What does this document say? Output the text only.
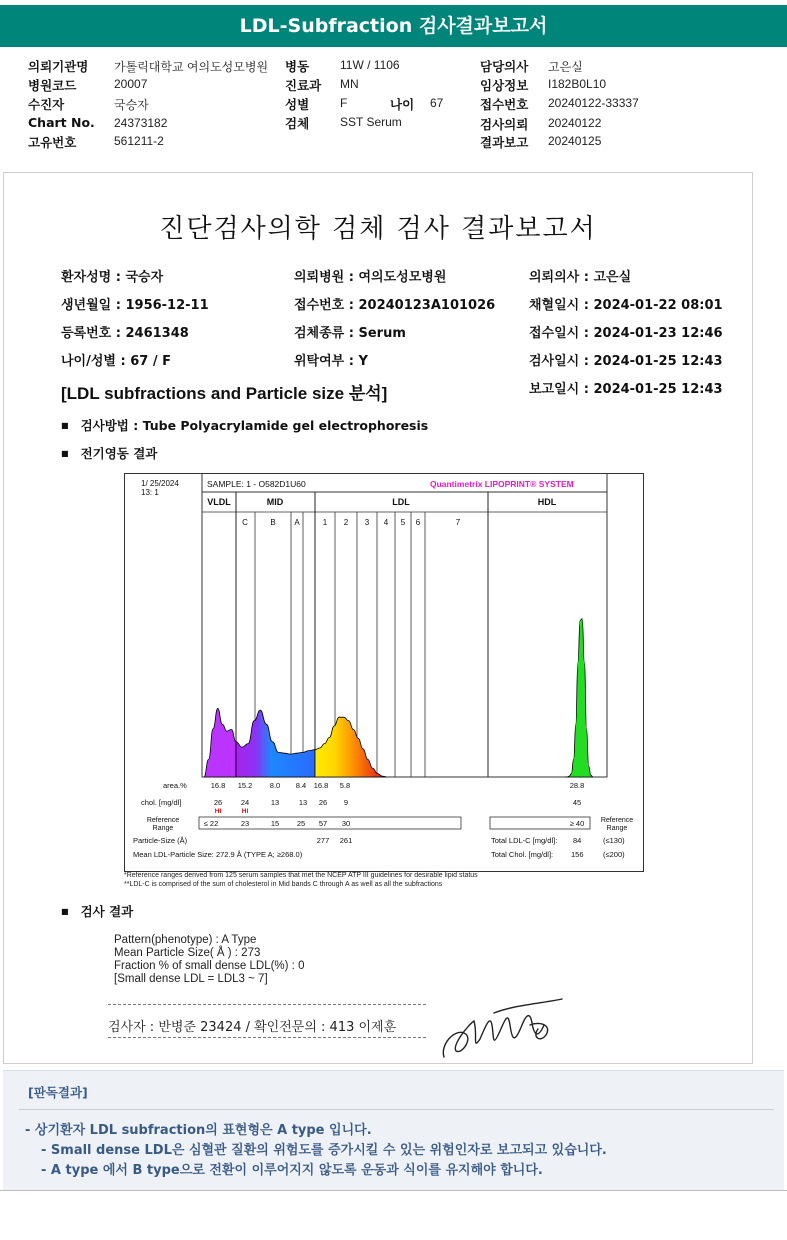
LDL-Subfraction 검사결과보고서
의뢰기관명 가톨릭대학교 여의도성모병원 병동	11W / 1106	담당의사 고은실
병원코드	20007	진료과 MN	임상정보 I182B0L10
수진자	국승자	성별	F	나이 67	접수번호 20240122-33337
Chart No. 24373182	검체	SST Serum	검사의뢰 20240122
고유번호	561211-2	결과보고 20240125
진단검사의학 검체 검사 결과보고서
환자성명 : 국승자	의뢰병원 : 여의도성모병원	의뢰의사 : 고은실
생년월일 : 1956-12-11	접수번호 : 20240123A101026	채혈일시 : 2024-01-22 08:01
등록번호 : 2461348	검체종류 : Serum	접수일시 : 2024-01-23 12:46
나이/성별 : 67 / F	위탁여부 : Y	검사일시 : 2024-01-25 12:43
[LDL subfractions and Particle size 분석]	보고일시 : 2024-01-25 12:43
■ 검사방법 : Tube Polyacrylamide gel electrophoresis
■ 전기영동 결과
1/ 25/2024
13: 1
SAMPLE: 1 - O582D1U60	Quantimetrix LIPOPRINT® SYSTEM
VLDL	MID	LDL	HDL
C	B A	1 2 3 4 5 6	7
area.%	16.8 15.2 8.0 8.4 16.8 5.8	28.8
chol. [mg/dl]	26 24	13	13 26 9	45
HI	HI
Reference
Range
≤ 22	23	15 25 57 30	≥ 40 Reference
Range
Particle-Size (Å)	277 261
Mean LDL-Particle Size: 272.9 Å (TYPE A; ≥268.0)
Total LDL-C [mg/dl]: 84	(≤130)
Total Chol. [mg/dl]: 156	(≤200)
*Reference ranges derived from 125 serum samples that met the NCEP ATP III guidelines for desirable lipid status
**LDL-C is comprised of the sum of cholesterol in Mid bands C through A as well as all the subfractions
■ 검사 결과
Pattern(phenotype) : A Type
Mean Particle Size( Å ) : 273
Fraction % of small dense LDL(%) : 0
[Small dense LDL = LDL3 ~ 7]
검사자 : 반병준 23424 / 확인전문의 : 413 이제훈
[판독결과]
- 상기환자 LDL subfraction의 표현형은 A type 입니다.
- Small dense LDL은 심혈관 질환의 위험도를 증가시킬 수 있는 위험인자로 보고되고 있습니다.
- A type 에서 B type으로 전환이 이루어지지 않도록 운동과 식이를 유지해야 합니다.
